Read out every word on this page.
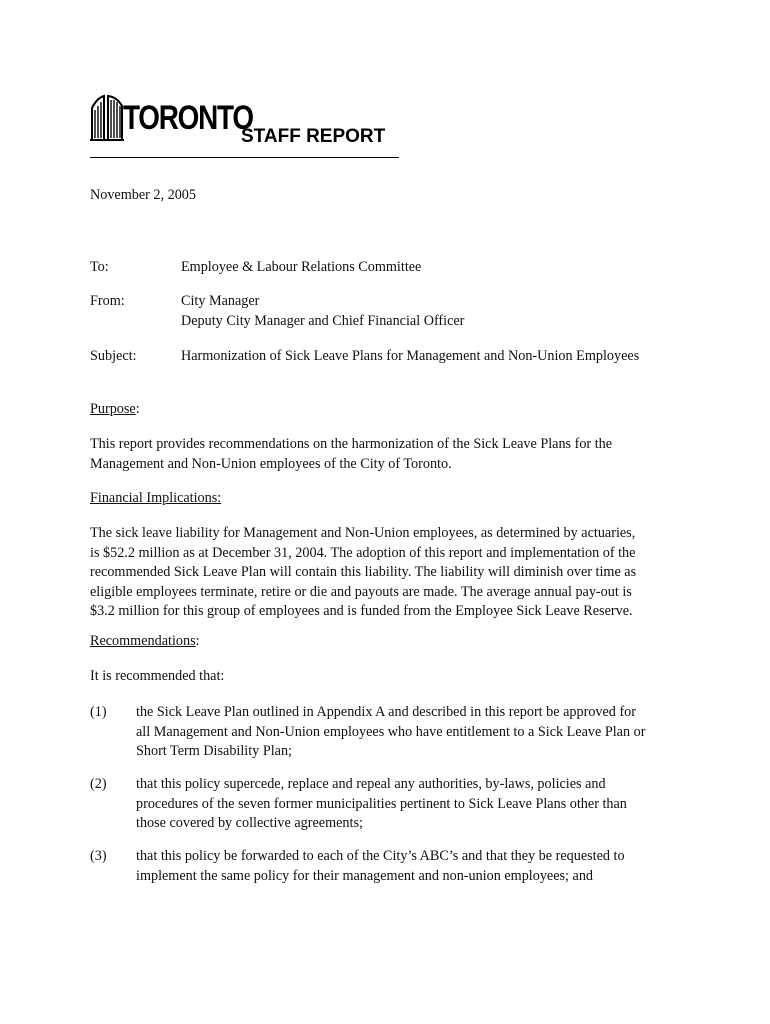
TORONTO
STAFF REPORT
November 2, 2005
To:	Employee & Labour Relations Committee
From:	City Manager
Deputy City Manager and Chief Financial Officer
Subject:	Harmonization of Sick Leave Plans for Management and Non-Union Employees
Purpose:
This report provides recommendations on the harmonization of the Sick Leave Plans for the
Management and Non-Union employees of the City of Toronto.
Financial Implications:
The sick leave liability for Management and Non-Union employees, as determined by actuaries,
is $52.2 million as at December 31, 2004. The adoption of this report and implementation of the
recommended Sick Leave Plan will contain this liability. The liability will diminish over time as
eligible employees terminate, retire or die and payouts are made. The average annual pay-out is
$3.2 million for this group of employees and is funded from the Employee Sick Leave Reserve.
Recommendations:
It is recommended that:
(1) the Sick Leave Plan outlined in Appendix A and described in this report be approved for
all Management and Non-Union employees who have entitlement to a Sick Leave Plan or
Short Term Disability Plan;
(2) that this policy supercede, replace and repeal any authorities, by-laws, policies and
procedures of the seven former municipalities pertinent to Sick Leave Plans other than
those covered by collective agreements;
(3) that this policy be forwarded to each of the City’s ABC’s and that they be requested to
implement the same policy for their management and non-union employees; and
